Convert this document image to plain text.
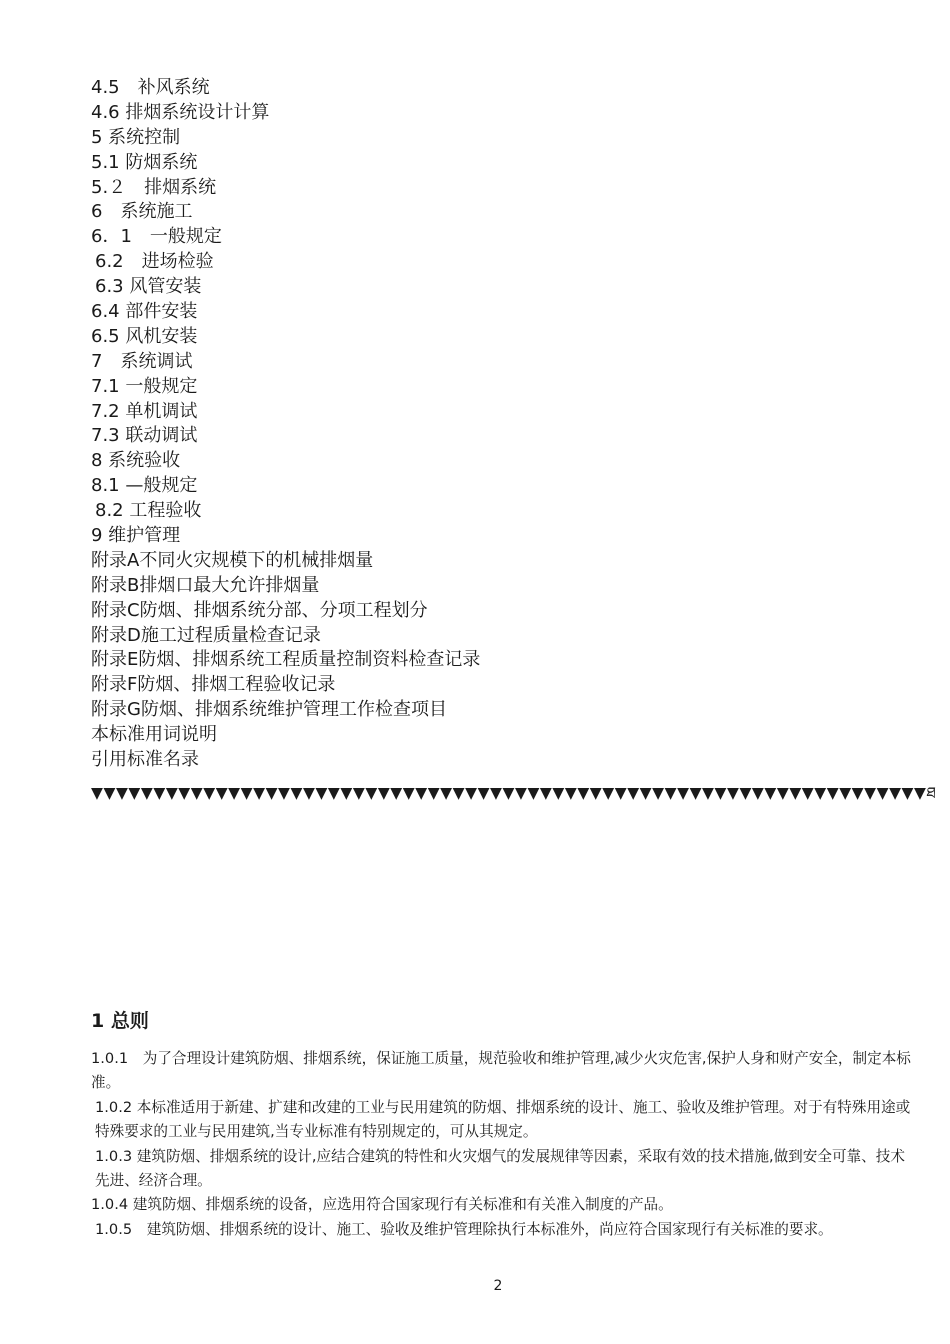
4.5　补风系统
4.6 排烟系统设计计算
5 系统控制
5.1 防烟系统
5.２　排烟系统
6　系统施工
6．1　一般规定
6.2　进场检验
6.3 风管安装
6.4 部件安装
6.5 风机安装
7　系统调试
7.1 一般规定
7.2 单机调试
7.3 联动调试
8 系统验收
8.1 —般规定
8.2 工程验收
9 维护管理
附录A不同火灾规模下的机械排烟量
附录B排烟口最大允许排烟量
附录C防烟、排烟系统分部、分项工程划分
附录D施工过程质量检查记录
附录E防烟、排烟系统工程质量控制资料检查记录
附录F防烟、排烟工程验收记录
附录G防烟、排烟系统维护管理工作检查项目
本标准用词说明
引用标准名录
▼▼▼▼▼▼▼▼▼▼▼▼▼▼▼▼▼▼▼▼▼▼▼▼▼▼▼▼▼▼▼▼▼▼▼▼▼▼▼▼▼▼▼▼▼▼▼▼▼▼▼▼▼▼▼▼▼▼▼▼▼▼▼▼▼▼▼ཐ
1 总则

1.0.1　为了合理设计建筑防烟、排烟系统，保证施工质量，规范验收和维护管理,减少火灾危害,保护人身和财产安全，制定本标准。

1.0.2 本标准适用于新建、扩建和改建的工业与民用建筑的防烟、排烟系统的设计、施工、验收及维护管理。对于有特殊用途或特殊要求的工业与民用建筑,当专业标准有特别规定的，可从其规定。

1.0.3 建筑防烟、排烟系统的设计,应结合建筑的特性和火灾烟气的发展规律等因素，采取有效的技术措施,做到安全可靠、技术先进、经济合理。

1.0.4 建筑防烟、排烟系统的设备，应选用符合国家现行有关标准和有关准入制度的产品。

1.0.5　建筑防烟、排烟系统的设计、施工、验收及维护管理除执行本标准外，尚应符合国家现行有关标准的要求。

2
